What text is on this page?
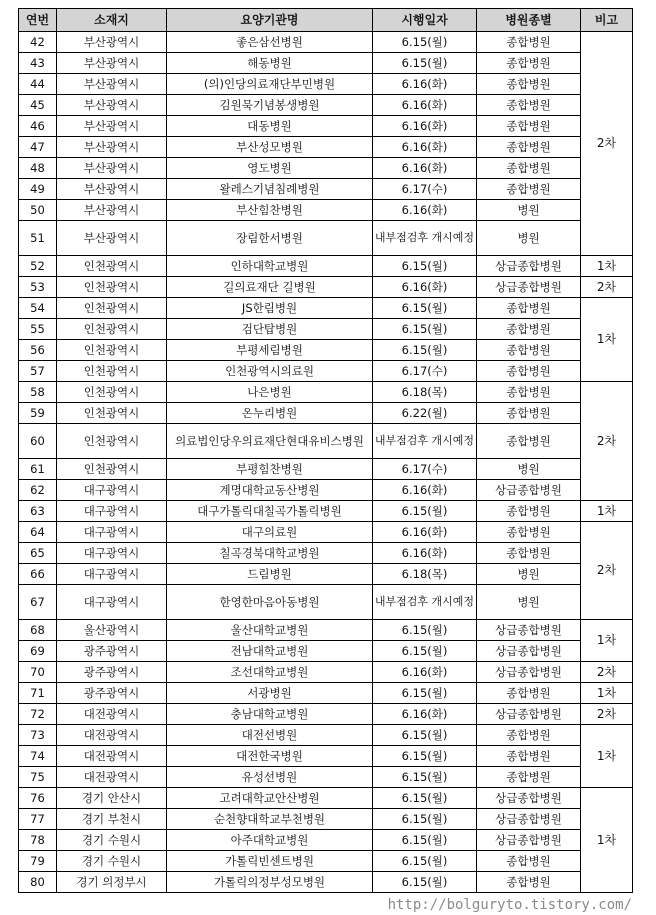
연번	소재지	요양기관명	시행일자	병원종별	비고
42	부산광역시	좋은삼선병원	6.15(월)	종합병원	2차
43	부산광역시	해동병원	6.15(월)	종합병원	
44	부산광역시	(의)인당의료재단부민병원	6.16(화)	종합병원	
45	부산광역시	김원묵기념봉생병원	6.16(화)	종합병원	
46	부산광역시	대동병원	6.16(화)	종합병원	
47	부산광역시	부산성모병원	6.16(화)	종합병원	
48	부산광역시	영도병원	6.16(화)	종합병원	
49	부산광역시	왈레스기념침례병원	6.17(수)	종합병원	
50	부산광역시	부산힘찬병원	6.16(화)	병원	
51	부산광역시	장림한서병원	내부점검후 개시예정	병원	
52	인천광역시	인하대학교병원	6.15(월)	상급종합병원	1차
53	인천광역시	길의료재단 길병원	6.16(화)	상급종합병원	2차
54	인천광역시	JS한림병원	6.15(월)	종합병원	1차
55	인천광역시	검단탑병원	6.15(월)	종합병원	
56	인천광역시	부평세림병원	6.15(월)	종합병원	
57	인천광역시	인천광역시의료원	6.17(수)	종합병원	
58	인천광역시	나은병원	6.18(목)	종합병원	2차
59	인천광역시	온누리병원	6.22(월)	종합병원	
60	인천광역시	의료법인당우의료재단현대유비스병원	내부점검후 개시예정	종합병원	
61	인천광역시	부평힘찬병원	6.17(수)	병원	
62	대구광역시	계명대학교동산병원	6.16(화)	상급종합병원	
63	대구광역시	대구가톨릭대칠곡가톨릭병원	6.15(월)	종합병원	1차
64	대구광역시	대구의료원	6.16(화)	종합병원	2차
65	대구광역시	칠곡경북대학교병원	6.16(화)	종합병원	
66	대구광역시	드림병원	6.18(목)	병원	
67	대구광역시	한영한마음아동병원	내부점검후 개시예정	병원	
68	울산광역시	울산대학교병원	6.15(월)	상급종합병원	1차
69	광주광역시	전남대학교병원	6.15(월)	상급종합병원	
70	광주광역시	조선대학교병원	6.16(화)	상급종합병원	2차
71	광주광역시	서광병원	6.15(월)	종합병원	1차
72	대전광역시	충남대학교병원	6.16(화)	상급종합병원	2차
73	대전광역시	대전선병원	6.15(월)	종합병원	1차
74	대전광역시	대전한국병원	6.15(월)	종합병원	
75	대전광역시	유성선병원	6.15(월)	종합병원	
76	경기 안산시	고려대학교안산병원	6.15(월)	상급종합병원	1차
77	경기 부천시	순천향대학교부천병원	6.15(월)	상급종합병원	
78	경기 수원시	아주대학교병원	6.15(월)	상급종합병원	
79	경기 수원시	가톨릭빈센트병원	6.15(월)	종합병원	
80	경기 의정부시	가톨릭의정부성모병원	6.15(월)	종합병원	
http://bolguryto.tistory.com/
